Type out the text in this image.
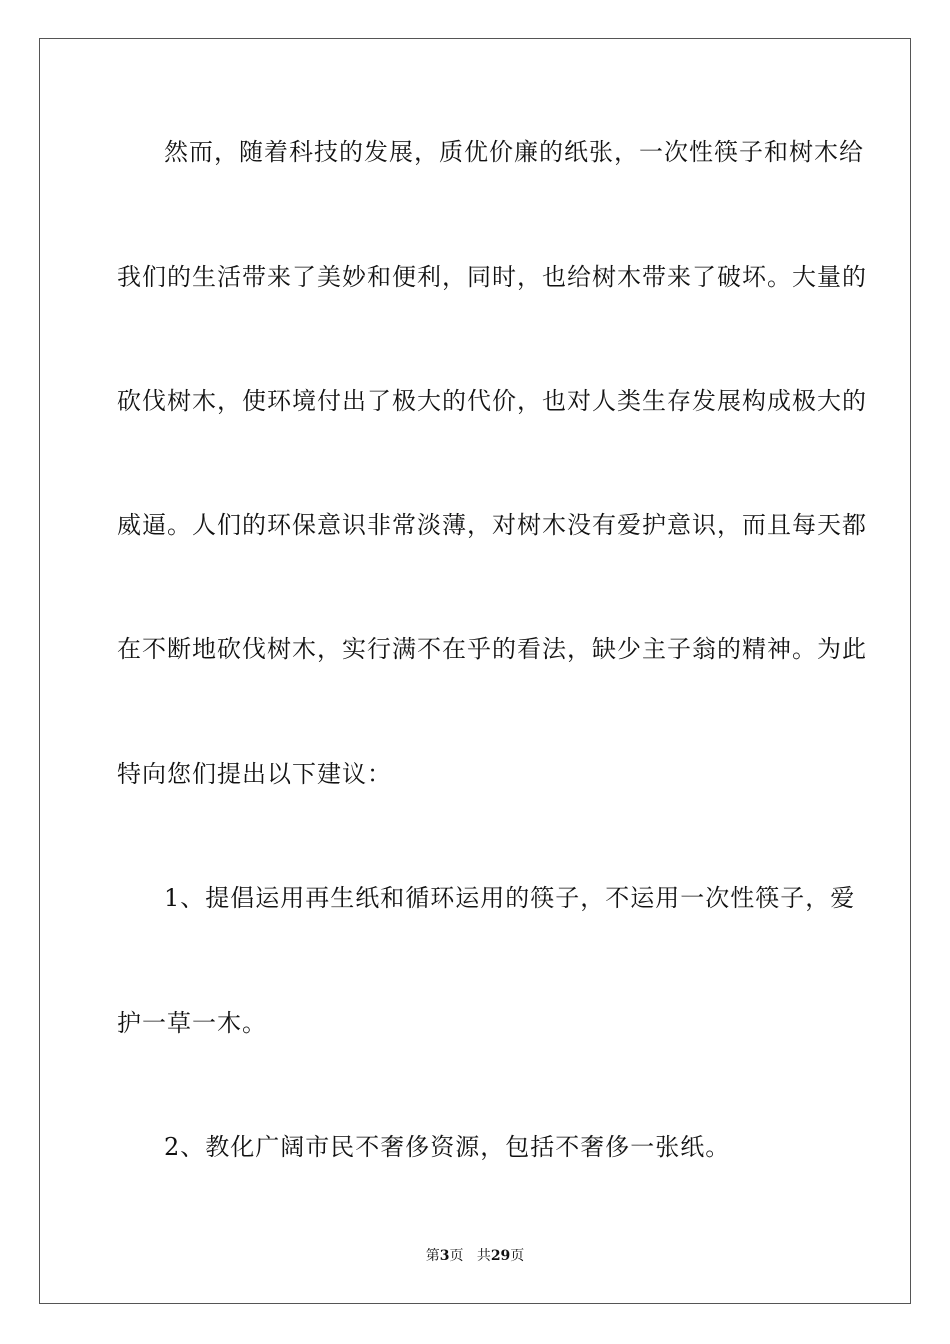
然而，随着科技的发展，质优价廉的纸张，一次性筷子和树木给
我们的生活带来了美妙和便利，同时，也给树木带来了破坏。大量的
砍伐树木，使环境付出了极大的代价，也对人类生存发展构成极大的
威逼。人们的环保意识非常淡薄，对树木没有爱护意识，而且每天都
在不断地砍伐树木，实行满不在乎的看法，缺少主子翁的精神。为此
特向您们提出以下建议：
1、提倡运用再生纸和循环运用的筷子，不运用一次性筷子，爱
护一草一木。
2、教化广阔市民不奢侈资源，包括不奢侈一张纸。
第3页 共29页
